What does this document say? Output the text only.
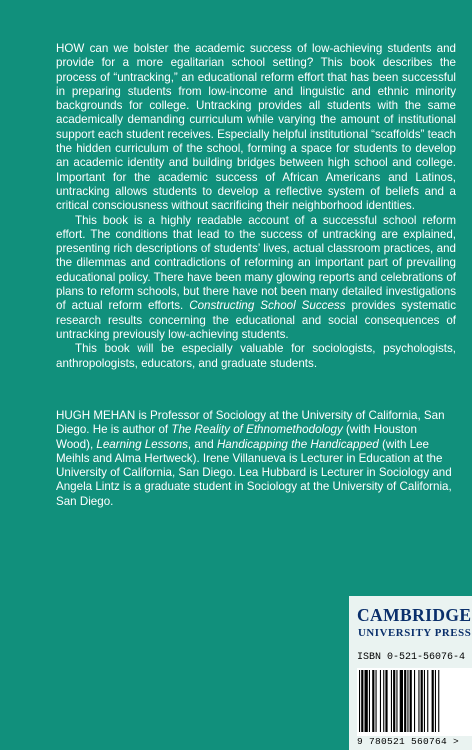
HOW can we bolster the academic success of low-achieving students and provide for a more egalitarian school setting? This book describes the process of “untracking,” an educational reform effort that has been successful in preparing students from low-income and linguistic and ethnic minority backgrounds for college. Untracking provides all students with the same academically demanding curriculum while varying the amount of institutional support each student receives. Especially helpful institutional “scaffolds” teach the hidden curriculum of the school, forming a space for students to develop an academic identity and building bridges between high school and college. Important for the academic success of African Americans and Latinos, untracking allows students to develop a reflective system of beliefs and a critical consciousness without sacrificing their neighborhood identities.

This book is a highly readable account of a successful school reform effort. The conditions that lead to the success of untracking are explained, presenting rich descriptions of students’ lives, actual classroom practices, and the dilemmas and contradictions of reforming an important part of prevailing educational policy. There have been many glowing reports and celebrations of plans to reform schools, but there have not been many detailed investigations of actual reform efforts. Constructing School Success provides systematic research results concerning the educational and social consequences of untracking previously low-achieving students.

This book will be especially valuable for sociologists, psychologists, anthropologists, educators, and graduate students.

HUGH MEHAN is Professor of Sociology at the University of California, San Diego. He is author of The Reality of Ethnomethodology (with Houston Wood), Learning Lessons, and Handicapping the Handicapped (with Lee Meihls and Alma Hertweck). Irene Villanueva is Lecturer in Education at the University of California, San Diego. Lea Hubbard is Lecturer in Sociology and Angela Lintz is a graduate student in Sociology at the University of California, San Diego.

CAMBRIDGE
UNIVERSITY PRESS
ISBN 0-521-56076-4
9 780521 560764 >
